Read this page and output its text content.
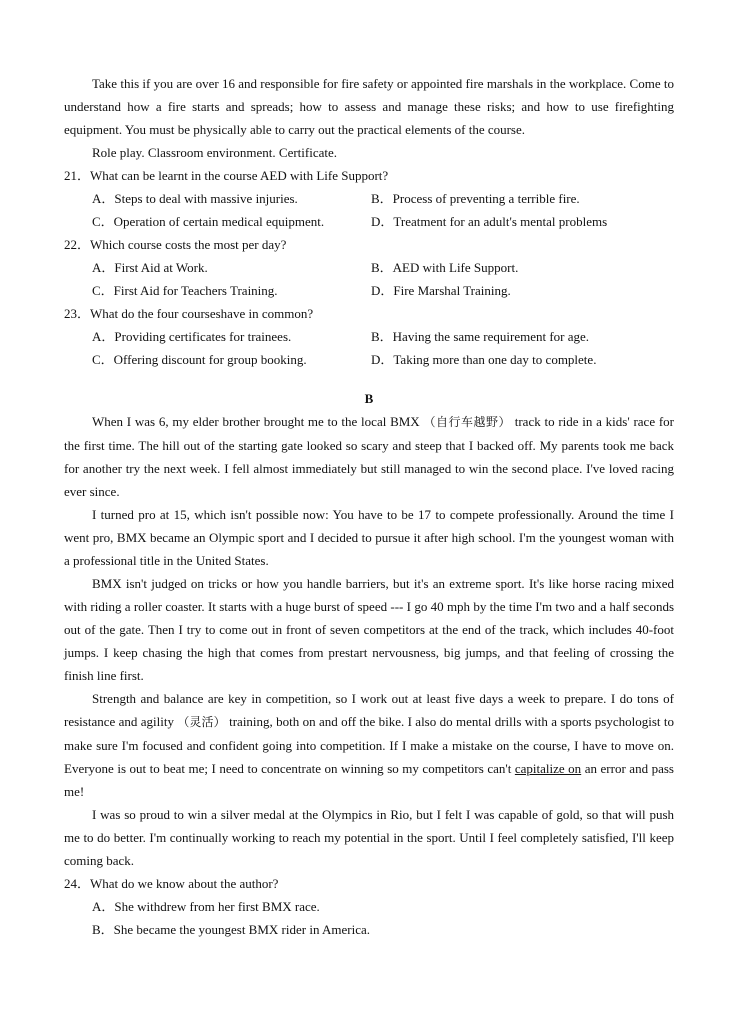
Take this if you are over 16 and responsible for fire safety or appointed fire marshals in the workplace. Come to understand how a fire starts and spreads; how to assess and manage these risks; and how to use firefighting equipment. You must be physically able to carry out the practical elements of the course.

Role play. Classroom environment. Certificate.

21．What can be learnt in the course AED with Life Support?

A．Steps to deal with massive injuries.	B．Process of preventing a terrible fire.
C．Operation of certain medical equipment.	D．Treatment for an adult's mental problems

22．Which course costs the most per day?

A．First Aid at Work.	B．AED with Life Support.
C．First Aid for Teachers Training.	D．Fire Marshal Training.

23．What do the four courseshave in common?

A．Providing certificates for trainees.	B．Having the same requirement for age.
C．Offering discount for group booking.	D．Taking more than one day to complete.

B

When I was 6, my elder brother brought me to the local BMX （自行车越野） track to ride in a kids' race for the first time. The hill out of the starting gate looked so scary and steep that I backed off. My parents took me back for another try the next week. I fell almost immediately but still managed to win the second place. I've loved racing ever since.

I turned pro at 15, which isn't possible now: You have to be 17 to compete professionally. Around the time I went pro, BMX became an Olympic sport and I decided to pursue it after high school. I'm the youngest woman with a professional title in the United States.

BMX isn't judged on tricks or how you handle barriers, but it's an extreme sport. It's like horse racing mixed with riding a roller coaster. It starts with a huge burst of speed --- I go 40 mph by the time I'm two and a half seconds out of the gate. Then I try to come out in front of seven competitors at the end of the track, which includes 40-foot jumps. I keep chasing the high that comes from prestart nervousness, big jumps, and that feeling of crossing the finish line first.

Strength and balance are key in competition, so I work out at least five days a week to prepare. I do tons of resistance and agility （灵活） training, both on and off the bike. I also do mental drills with a sports psychologist to make sure I'm focused and confident going into competition. If I make a mistake on the course, I have to move on. Everyone is out to beat me; I need to concentrate on winning so my competitors can't capitalize on an error and pass me!

I was so proud to win a silver medal at the Olympics in Rio, but I felt I was capable of gold, so that will push me to do better. I'm continually working to reach my potential in the sport. Until I feel completely satisfied, I'll keep coming back.

24．What do we know about the author?

A．She withdrew from her first BMX race.
B．She became the youngest BMX rider in America.
